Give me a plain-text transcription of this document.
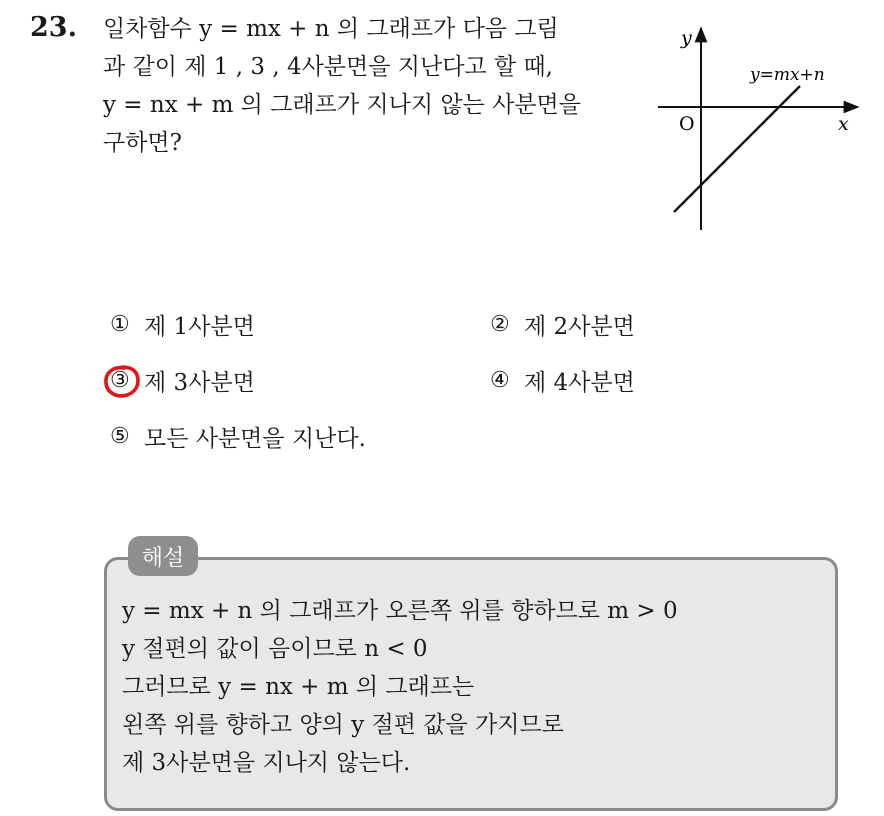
23. 일차함수 y = mx + n 의 그래프가 다음 그림
과 같이 제 1 , 3 , 4사분면을 지난다고 할 때,
y = nx + m 의 그래프가 지나지 않는 사분면을
구하면?
y
x
O
y=mx+n
① 제 1사분면	② 제 2사분면
③ 제 3사분면	④ 제 4사분면
⑤ 모든 사분면을 지난다.
해설
y = mx + n 의 그래프가 오른쪽 위를 향하므로 m > 0
y 절편의 값이 음이므로 n < 0
그러므로 y = nx + m 의 그래프는
왼쪽 위를 향하고 양의 y 절편 값을 가지므로
제 3사분면을 지나지 않는다.
